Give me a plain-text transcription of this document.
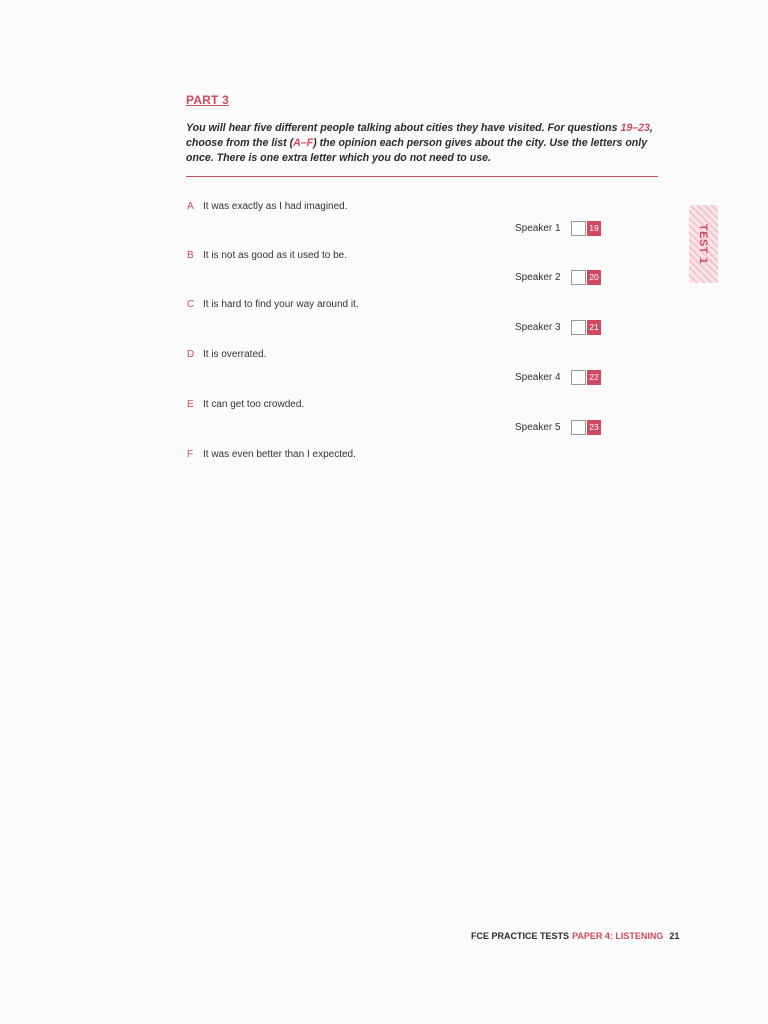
PART 3
You will hear five different people talking about cities they have visited. For questions 19–23, choose from the list (A–F) the opinion each person gives about the city. Use the letters only once. There is one extra letter which you do not need to use.
A It was exactly as I had imagined.
B It is not as good as it used to be.
C It is hard to find your way around it.
D It is overrated.
E It can get too crowded.
F It was even better than I expected.
Speaker 1	19
Speaker 2	20
Speaker 3	21
Speaker 4	22
Speaker 5	23
TEST 1
FCE PRACTICE TESTS PAPER 4: LISTENING 21
